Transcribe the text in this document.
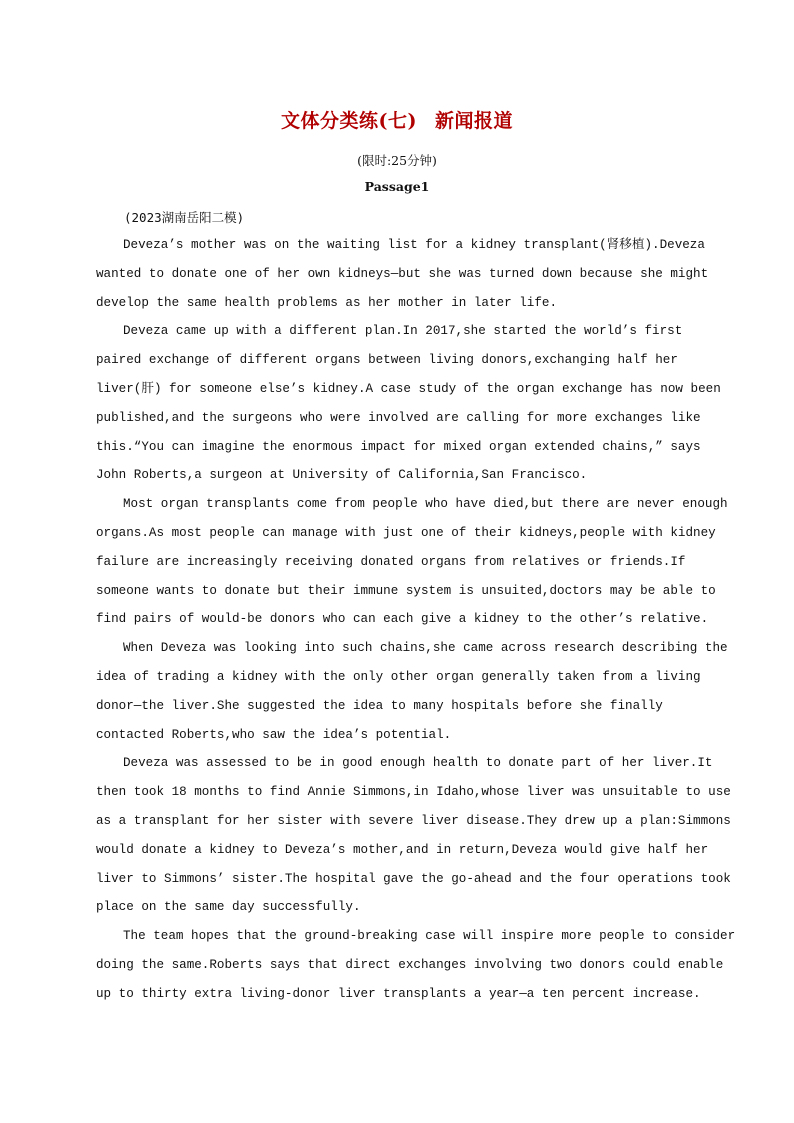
文体分类练(七) 新闻报道
(限时:25分钟)
Passage1
(2023湖南岳阳二模)
Deveza’s mother was on the waiting list for a kidney transplant(肾移植).Deveza
wanted to donate one of her own kidneys—but she was turned down because she might
develop the same health problems as her mother in later life.
Deveza came up with a different plan.In 2017,she started the world’s first
paired exchange of different organs between living donors,exchanging half her
liver(肝) for someone else’s kidney.A case study of the organ exchange has now been
published,and the surgeons who were involved are calling for more exchanges like
this.“You can imagine the enormous impact for mixed organ extended chains,” says
John Roberts,a surgeon at University of California,San Francisco.
Most organ transplants come from people who have died,but there are never enough
organs.As most people can manage with just one of their kidneys,people with kidney
failure are increasingly receiving donated organs from relatives or friends.If
someone wants to donate but their immune system is unsuited,doctors may be able to
find pairs of would-be donors who can each give a kidney to the other’s relative.
When Deveza was looking into such chains,she came across research describing the
idea of trading a kidney with the only other organ generally taken from a living
donor—the liver.She suggested the idea to many hospitals before she finally
contacted Roberts,who saw the idea’s potential.
Deveza was assessed to be in good enough health to donate part of her liver.It
then took 18 months to find Annie Simmons,in Idaho,whose liver was unsuitable to use
as a transplant for her sister with severe liver disease.They drew up a plan:Simmons
would donate a kidney to Deveza’s mother,and in return,Deveza would give half her
liver to Simmons’ sister.The hospital gave the go-ahead and the four operations took
place on the same day successfully.
The team hopes that the ground-breaking case will inspire more people to consider
doing the same.Roberts says that direct exchanges involving two donors could enable
up to thirty extra living-donor liver transplants a year—a ten percent increase.
